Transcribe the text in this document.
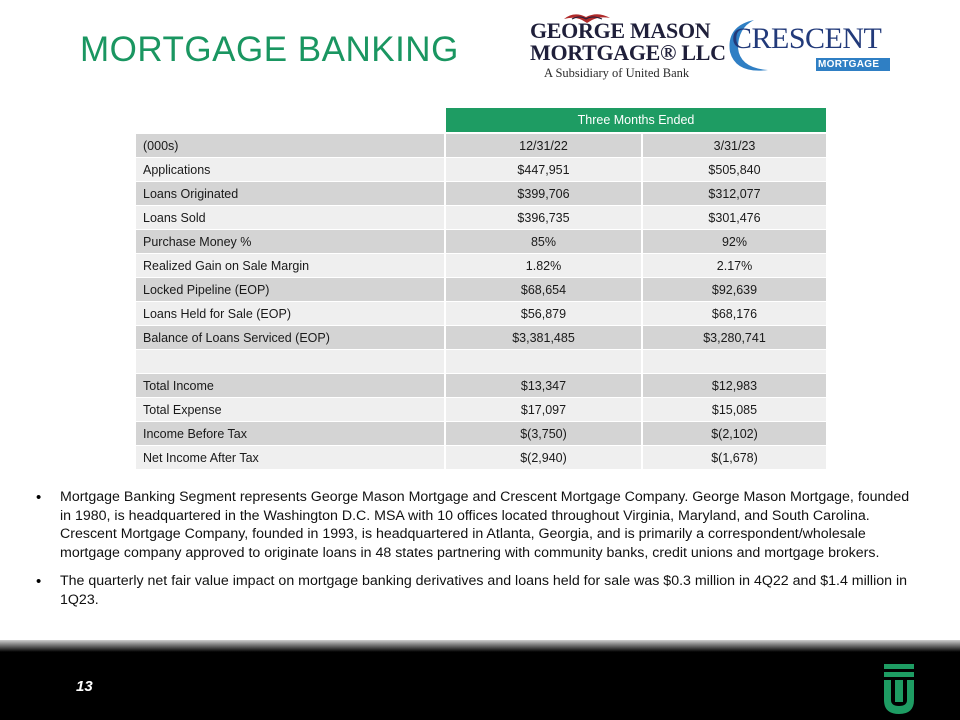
MORTGAGE BANKING	GEORGE MASON
MORTGAGE® LLC
A Subsidiary of United Bank
CRESCENT
MORTGAGE
Three Months Ended
(000s)	12/31/22	3/31/23
Applications	$447,951	$505,840
Loans Originated	$399,706	$312,077
Loans Sold	$396,735	$301,476
Purchase Money %	85%	92%
Realized Gain on Sale Margin	1.82%	2.17%
Locked Pipeline (EOP)	$68,654	$92,639
Loans Held for Sale (EOP)	$56,879	$68,176
Balance of Loans Serviced (EOP)	$3,381,485	$3,280,741
Total Income	$13,347	$12,983
Total Expense	$17,097	$15,085
Income Before Tax	$(3,750)	$(2,102)
Net Income After Tax	$(2,940)	$(1,678)
•	Mortgage Banking Segment represents George Mason Mortgage and Crescent Mortgage Company. George Mason Mortgage, founded in 1980, is headquartered in the Washington D.C. MSA with 10 offices located throughout Virginia, Maryland, and South Carolina. Crescent Mortgage Company, founded in 1993, is headquartered in Atlanta, Georgia, and is primarily a correspondent/wholesale mortgage company approved to originate loans in 48 states partnering with community banks, credit unions and mortgage brokers.
•	The quarterly net fair value impact on mortgage banking derivatives and loans held for sale was $0.3 million in 4Q22 and $1.4 million in 1Q23.
13
